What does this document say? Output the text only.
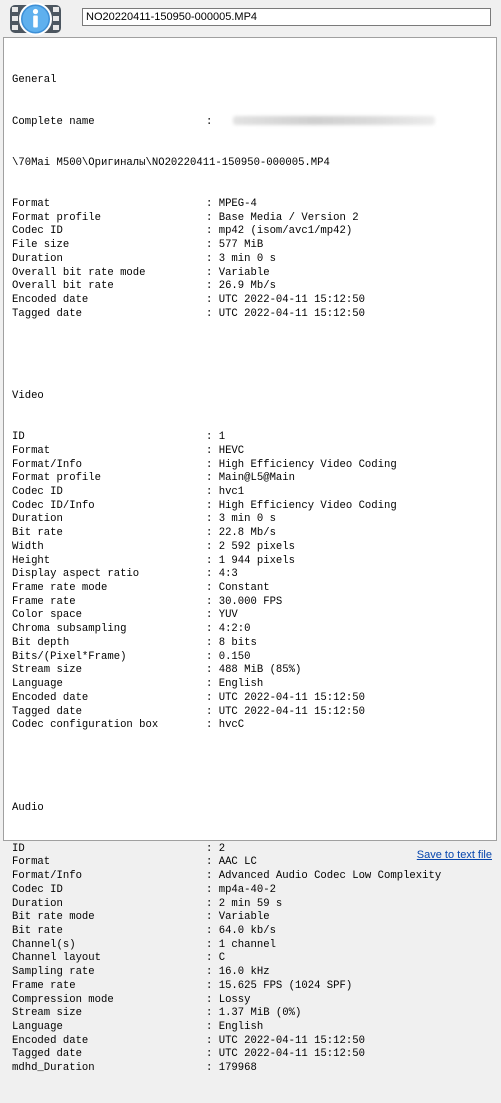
NO20220411-150950-000005.MP4

General

Complete name	:

\70Mai M500\Оригиналы\NO20220411-150950-000005.MP4

Format	: MPEG-4
Format profile	: Base Media / Version 2
Codec ID	: mp42 (isom/avc1/mp42)
File size	: 577 MiB
Duration	: 3 min 0 s
Overall bit rate mode	: Variable
Overall bit rate	: 26.9 Mb/s
Encoded date	: UTC 2022-04-11 15:12:50
Tagged date	: UTC 2022-04-11 15:12:50

Video

ID	: 1
Format	: HEVC
Format/Info	: High Efficiency Video Coding
Format profile	: Main@L5@Main
Codec ID	: hvc1
Codec ID/Info	: High Efficiency Video Coding
Duration	: 3 min 0 s
Bit rate	: 22.8 Mb/s
Width	: 2 592 pixels
Height	: 1 944 pixels
Display aspect ratio	: 4:3
Frame rate mode	: Constant
Frame rate	: 30.000 FPS
Color space	: YUV
Chroma subsampling	: 4:2:0
Bit depth	: 8 bits
Bits/(Pixel*Frame)	: 0.150
Stream size	: 488 MiB (85%)
Language	: English
Encoded date	: UTC 2022-04-11 15:12:50
Tagged date	: UTC 2022-04-11 15:12:50
Codec configuration box	: hvcC

Audio

ID	: 2
Format	: AAC LC
Format/Info	: Advanced Audio Codec Low Complexity
Codec ID	: mp4a-40-2
Duration	: 2 min 59 s
Bit rate mode	: Variable
Bit rate	: 64.0 kb/s
Channel(s)	: 1 channel
Channel layout	: C
Sampling rate	: 16.0 kHz
Frame rate	: 15.625 FPS (1024 SPF)
Compression mode	: Lossy
Stream size	: 1.37 MiB (0%)
Language	: English
Encoded date	: UTC 2022-04-11 15:12:50
Tagged date	: UTC 2022-04-11 15:12:50
mdhd_Duration	: 179968

Save to text file
